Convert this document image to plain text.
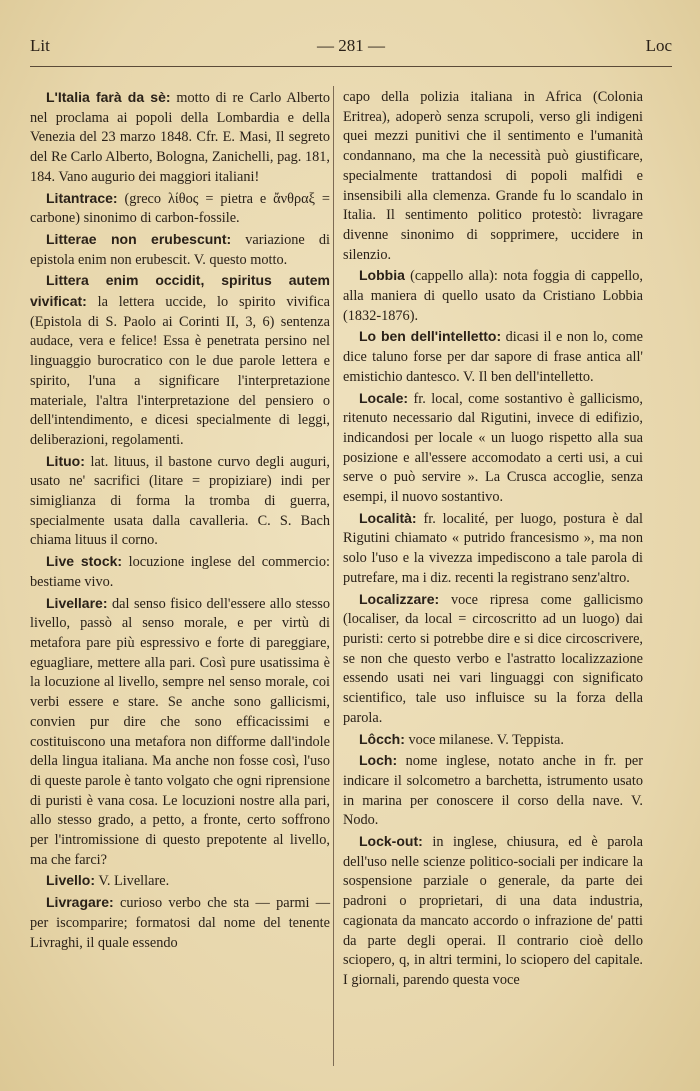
Lit	— 281 —	Loc

L'Italia farà da sè: motto di re Carlo Alberto nel proclama ai popoli della Lombardia e della Venezia del 23 marzo 1848. Cfr. E. Masi, Il segreto del Re Carlo Alberto, Bologna, Zanichelli, pag. 181, 184. Vano augurio dei maggiori italiani!

Litantrace: (greco λίθος = pietra e ἄνθραξ = carbone) sinonimo di carbon-fossile.

Litterae non erubescunt: variazione di epistola enim non erubescit. V. questo motto.

Littera enim occidit, spiritus autem vivificat: la lettera uccide, lo spirito vivifica (Epistola di S. Paolo ai Corinti II, 3, 6) sentenza audace, vera e felice! Essa è penetrata persino nel linguaggio burocratico con le due parole lettera e spirito, l'una a significare l'interpretazione materiale, l'altra l'interpretazione del pensiero o dell'intendimento, e dicesi specialmente di leggi, deliberazioni, regolamenti.

Lituo: lat. lituus, il bastone curvo degli auguri, usato ne' sacrifici (litare = propiziare) indi per simiglianza di forma la tromba di guerra, specialmente usata dalla cavalleria. C. S. Bach chiama lituus il corno.

Live stock: locuzione inglese del commercio: bestiame vivo.

Livellare: dal senso fisico dell'essere allo stesso livello, passò al senso morale, e per virtù di metafora pare più espressivo e forte di pareggiare, eguagliare, mettere alla pari. Così pure usatissima è la locuzione al livello, sempre nel senso morale, coi verbi essere e stare. Se anche sono gallicismi, convien pur dire che sono efficacissimi e costituiscono una metafora non difforme dall'indole della lingua italiana. Ma anche non fosse così, l'uso di queste parole è tanto volgato che ogni riprensione di puristi è vana cosa. Le locuzioni nostre alla pari, allo stesso grado, a petto, a fronte, certo soffrono per l'intromissione di questo prepotente al livello, ma che farci?

Livello: V. Livellare.

Livragare: curioso verbo che sta — parmi — per iscomparire; formatosi dal nome del tenente Livraghi, il quale essendo

capo della polizia italiana in Africa (Colonia Eritrea), adoperò senza scrupoli, verso gli indigeni quei mezzi punitivi che il sentimento e l'umanità condannano, ma che la necessità può giustificare, specialmente trattandosi di popoli malfidi e insensibili alla clemenza. Grande fu lo scandalo in Italia. Il sentimento politico protestò: livragare divenne sinonimo di sopprimere, uccidere in silenzio.

Lobbia (cappello alla): nota foggia di cappello, alla maniera di quello usato da Cristiano Lobbia (1832-1876).

Lo ben dell'intelletto: dicasi il e non lo, come dice taluno forse per dar sapore di frase antica all' emistichio dantesco. V. Il ben dell'intelletto.

Locale: fr. local, come sostantivo è gallicismo, ritenuto necessario dal Rigutini, invece di edifizio, indicandosi per locale « un luogo rispetto alla sua posizione e all'essere accomodato a certi usi, a cui serve o può servire ». La Crusca accoglie, senza esempi, il nuovo sostantivo.

Località: fr. localité, per luogo, postura è dal Rigutini chiamato « putrido francesismo », ma non solo l'uso e la vivezza impediscono a tale parola di putrefare, ma i diz. recenti la registrano senz'altro.

Localizzare: voce ripresa come gallicismo (localiser, da local = circoscritto ad un luogo) dai puristi: certo si potrebbe dire e si dice circoscrivere, se non che questo verbo e l'astratto localizzazione essendo usati nei vari linguaggi con significato scientifico, tale uso influisce su la forza della parola.

Lôcch: voce milanese. V. Teppista.

Loch: nome inglese, notato anche in fr. per indicare il solcometro a barchetta, istrumento usato in marina per conoscere il corso della nave. V. Nodo.

Lock-out: in inglese, chiusura, ed è parola dell'uso nelle scienze politico-sociali per indicare la sospensione parziale o generale, da parte dei padroni o proprietari, di una data industria, cagionata da mancato accordo o infrazione de' patti da parte degli operai. Il contrario cioè dello sciopero, q, in altri termini, lo sciopero del capitale. I giornali, parendo questa voce
